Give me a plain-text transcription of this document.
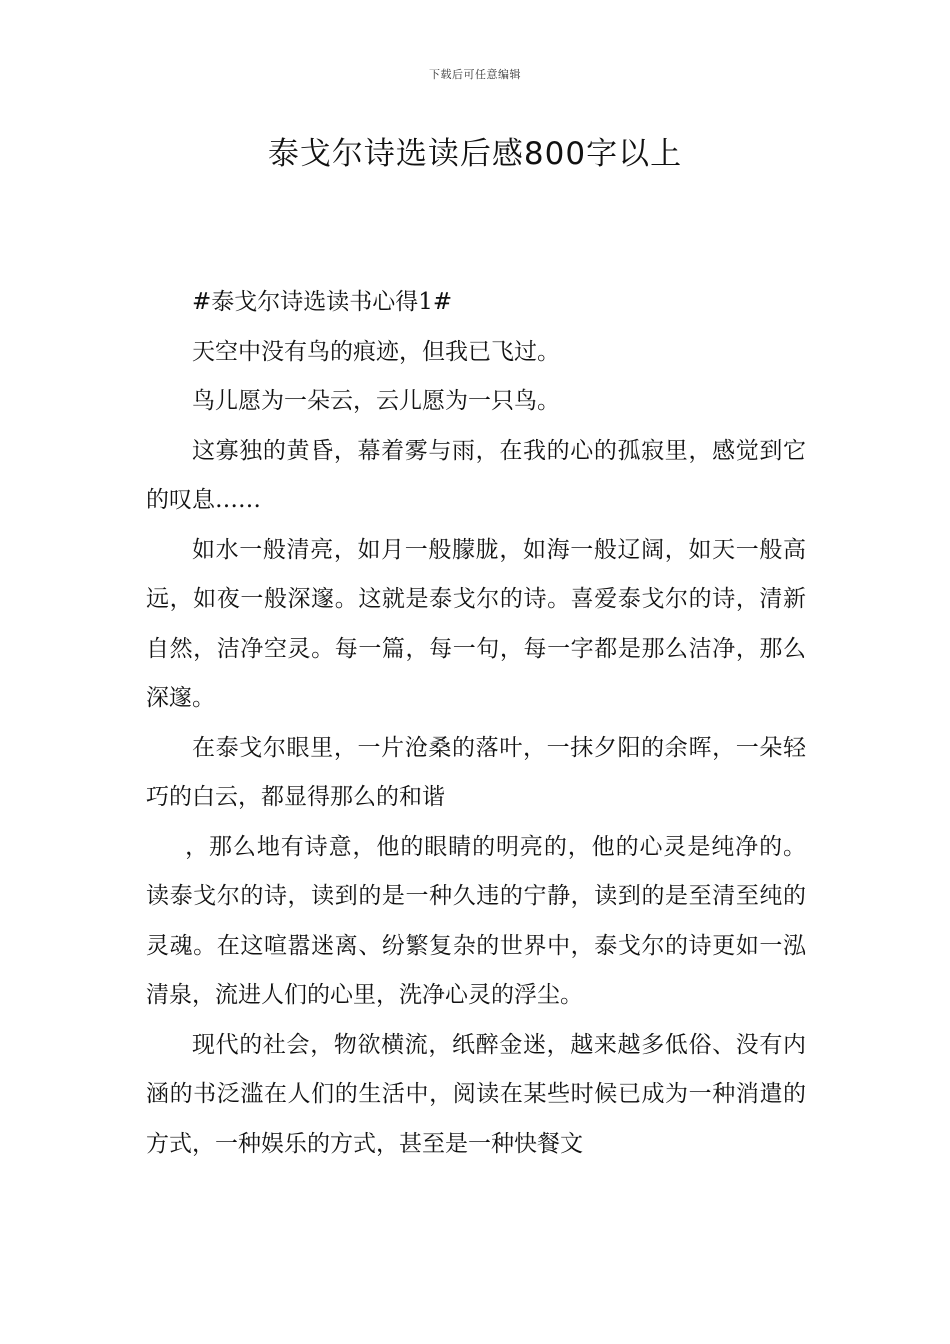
下载后可任意编辑
泰戈尔诗选读后感800字以上

#泰戈尔诗选读书心得1#

天空中没有鸟的痕迹，但我已飞过。

鸟儿愿为一朵云，云儿愿为一只鸟。

这寡独的黄昏，幕着雾与雨，在我的心的孤寂里，感觉到它的叹息……

如水一般清亮，如月一般朦胧，如海一般辽阔，如天一般高远，如夜一般深邃。这就是泰戈尔的诗。喜爱泰戈尔的诗，清新自然，洁净空灵。每一篇，每一句，每一字都是那么洁净，那么深邃。

在泰戈尔眼里，一片沧桑的落叶，一抹夕阳的余晖，一朵轻巧的白云，都显得那么的和谐

，那么地有诗意，他的眼睛的明亮的，他的心灵是纯净的。读泰戈尔的诗，读到的是一种久违的宁静，读到的是至清至纯的灵魂。在这喧嚣迷离、纷繁复杂的世界中，泰戈尔的诗更如一泓清泉，流进人们的心里，洗净心灵的浮尘。

现代的社会，物欲横流，纸醉金迷，越来越多低俗、没有内涵的书泛滥在人们的生活中，阅读在某些时候已成为一种消遣的方式，一种娱乐的方式，甚至是一种快餐文
